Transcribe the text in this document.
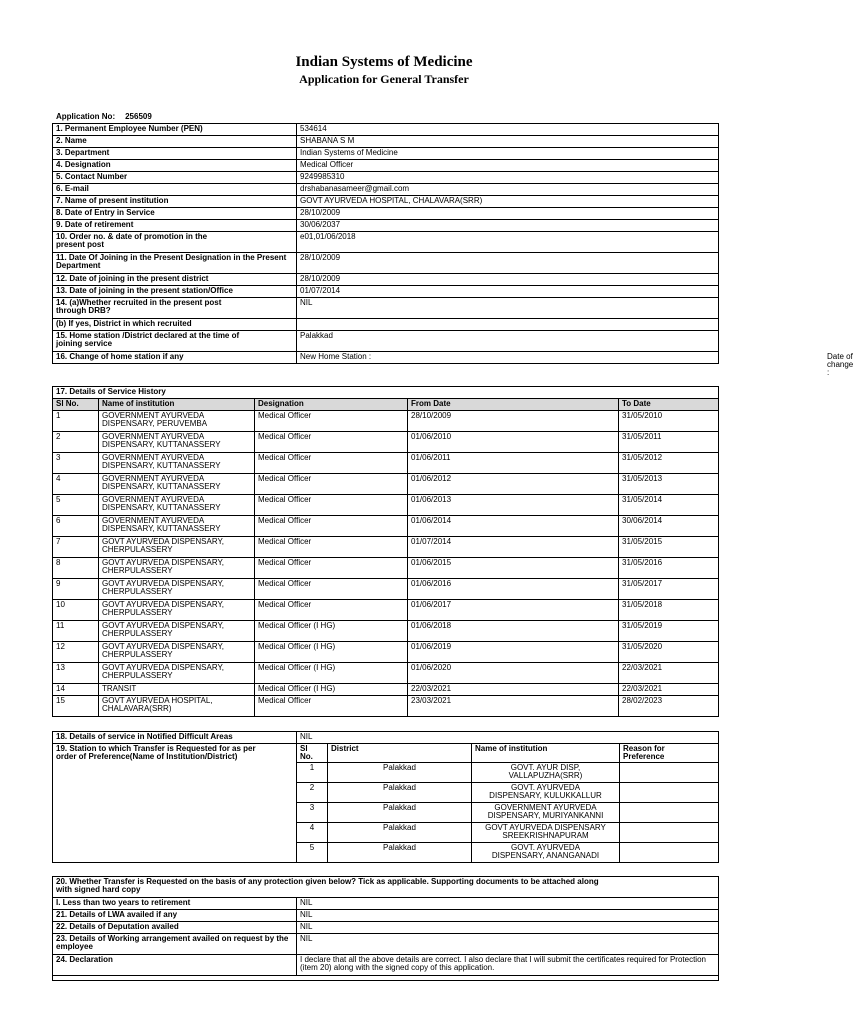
Indian Systems of Medicine
Application for General Transfer
Application No: 256509
1. Permanent Employee Number (PEN)	534614
2. Name	SHABANA S M
3. Department	Indian Systems of Medicine
4. Designation	Medical Officer
5. Contact Number	9249985310
6. E-mail	drshabanasameer@gmail.com
7. Name of present institution	GOVT AYURVEDA HOSPITAL, CHALAVARA(SRR)
8. Date of Entry in Service	28/10/2009
9. Date of retirement	30/06/2037
10. Order no. & date of promotion in the
present post	e01,01/06/2018
11. Date Of Joining in the Present Designation in the Present Department	28/10/2009
12. Date of joining in the present district	28/10/2009
13. Date of joining in the present station/Office	01/07/2014
14. (a)Whether recruited in the present post
through DRB?	NIL
(b) If yes, District in which recruited	
15. Home station /District declared at the time of
joining service	Palakkad
16. Change of home station if any	New Home Station : Date of change :
17. Details of Service History				
Sl No.	Name of institution	Designation	From Date	To Date
1	GOVERNMENT AYURVEDA
DISPENSARY, PERUVEMBA	Medical Officer	28/10/2009	31/05/2010
2	GOVERNMENT AYURVEDA
DISPENSARY, KUTTANASSERY	Medical Officer	01/06/2010	31/05/2011
3	GOVERNMENT AYURVEDA
DISPENSARY, KUTTANASSERY	Medical Officer	01/06/2011	31/05/2012
4	GOVERNMENT AYURVEDA
DISPENSARY, KUTTANASSERY	Medical Officer	01/06/2012	31/05/2013
5	GOVERNMENT AYURVEDA
DISPENSARY, KUTTANASSERY	Medical Officer	01/06/2013	31/05/2014
6	GOVERNMENT AYURVEDA
DISPENSARY, KUTTANASSERY	Medical Officer	01/06/2014	30/06/2014
7	GOVT AYURVEDA DISPENSARY,
CHERPULASSERY	Medical Officer	01/07/2014	31/05/2015
8	GOVT AYURVEDA DISPENSARY,
CHERPULASSERY	Medical Officer	01/06/2015	31/05/2016
9	GOVT AYURVEDA DISPENSARY,
CHERPULASSERY	Medical Officer	01/06/2016	31/05/2017
10	GOVT AYURVEDA DISPENSARY,
CHERPULASSERY	Medical Officer	01/06/2017	31/05/2018
11	GOVT AYURVEDA DISPENSARY,
CHERPULASSERY	Medical Officer (I HG)	01/06/2018	31/05/2019
12	GOVT AYURVEDA DISPENSARY,
CHERPULASSERY	Medical Officer (I HG)	01/06/2019	31/05/2020
13	GOVT AYURVEDA DISPENSARY,
CHERPULASSERY	Medical Officer (I HG)	01/06/2020	22/03/2021
14	TRANSIT	Medical Officer (I HG)	22/03/2021	22/03/2021
15	GOVT AYURVEDA HOSPITAL,
CHALAVARA(SRR)	Medical Officer	23/03/2021	28/02/2023
18. Details of service in Notified Difficult Areas	NIL			
19. Station to which Transfer is Requested for as per
order of Preference(Name of Institution/District)	Sl
No.	District	Name of institution	Reason for
Preference
	1	Palakkad	GOVT. AYUR DISP,
VALLAPUZHA(SRR)	
	2	Palakkad	GOVT. AYURVEDA
DISPENSARY, KULUKKALLUR	
	3	Palakkad	GOVERNMENT AYURVEDA
DISPENSARY, MURIYANKANNI	
	4	Palakkad	GOVT AYURVEDA DISPENSARY
SREEKRISHNAPURAM	
	5	Palakkad	GOVT. AYURVEDA
DISPENSARY, ANANGANADI	
20. Whether Transfer is Requested on the basis of any protection given below? Tick as applicable. Supporting documents to be attached along
with signed hard copy	
I. Less than two years to retirement	NIL
21. Details of LWA availed if any	NIL
22. Details of Deputation availed	NIL
23. Details of Working arrangement availed on request by the employee	NIL
24. Declaration	I declare that all the above details are correct. I also declare that I will submit the certificates required for Protection (item 20) along with the signed copy of this application.
